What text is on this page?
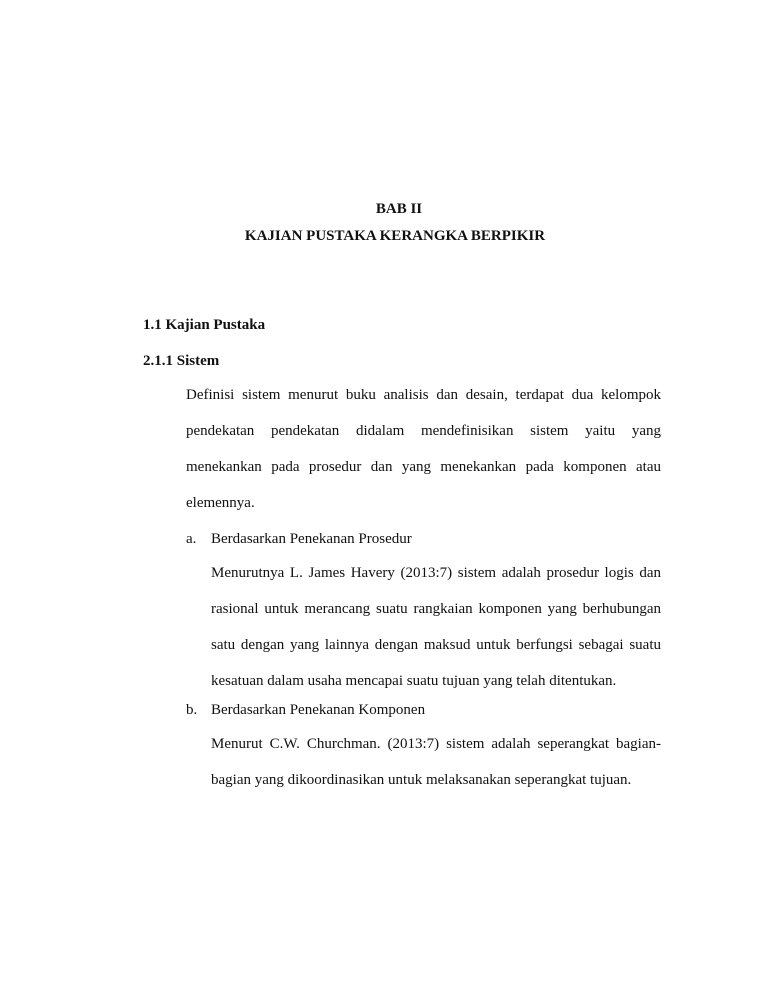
BAB II
KAJIAN PUSTAKA KERANGKA BERPIKIR
1.1 Kajian Pustaka
2.1.1 Sistem
Definisi sistem menurut buku analisis dan desain, terdapat dua kelompok
pendekatan pendekatan didalam mendefinisikan sistem yaitu yang
menekankan pada prosedur dan yang menekankan pada komponen atau
elemennya.
a. Berdasarkan Penekanan Prosedur
Menurutnya L. James Havery (2013:7) sistem adalah prosedur logis dan
rasional untuk merancang suatu rangkaian komponen yang berhubungan
satu dengan yang lainnya dengan maksud untuk berfungsi sebagai suatu
kesatuan dalam usaha mencapai suatu tujuan yang telah ditentukan.
b. Berdasarkan Penekanan Komponen
Menurut C.W. Churchman. (2013:7) sistem adalah seperangkat bagian-
bagian yang dikoordinasikan untuk melaksanakan seperangkat tujuan.
